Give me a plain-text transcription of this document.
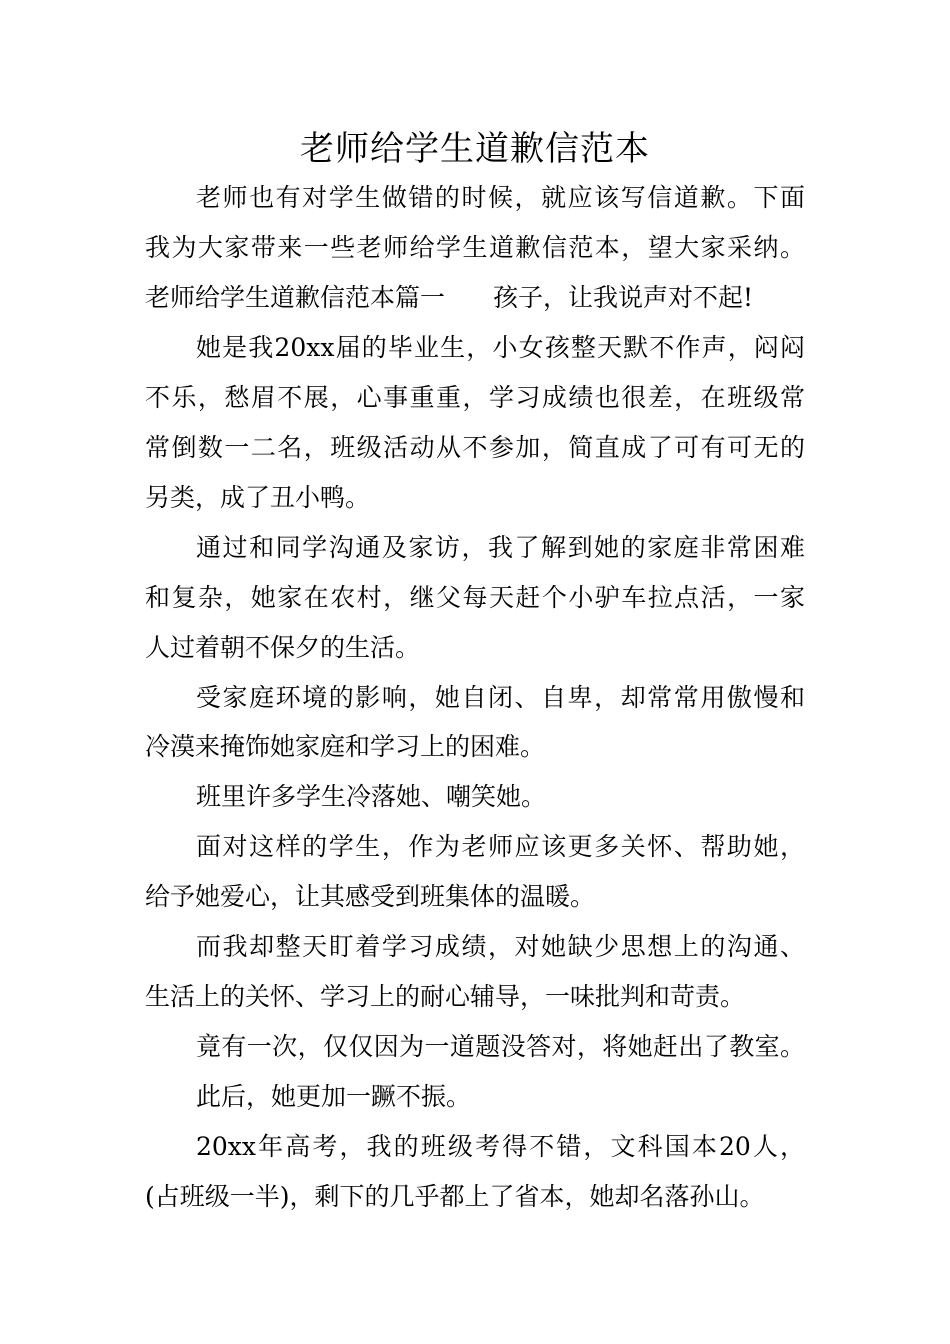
老师给学生道歉信范本

老师也有对学生做错的时候，就应该写信道歉。下面

我为大家带来一些老师给学生道歉信范本，望大家采纳。

老师给学生道歉信范本篇一 孩子，让我说声对不起!

她是我20xx届的毕业生，小女孩整天默不作声，闷闷

不乐，愁眉不展，心事重重，学习成绩也很差，在班级常

常倒数一二名，班级活动从不参加，简直成了可有可无的

另类，成了丑小鸭。

通过和同学沟通及家访，我了解到她的家庭非常困难

和复杂，她家在农村，继父每天赶个小驴车拉点活，一家

人过着朝不保夕的生活。

受家庭环境的影响，她自闭、自卑，却常常用傲慢和

冷漠来掩饰她家庭和学习上的困难。

班里许多学生冷落她、嘲笑她。

面对这样的学生，作为老师应该更多关怀、帮助她，

给予她爱心，让其感受到班集体的温暖。

而我却整天盯着学习成绩，对她缺少思想上的沟通、

生活上的关怀、学习上的耐心辅导，一味批判和苛责。

竟有一次，仅仅因为一道题没答对，将她赶出了教室。

此后，她更加一蹶不振。

20xx年高考，我的班级考得不错，文科国本20人，

(占班级一半)，剩下的几乎都上了省本，她却名落孙山。
